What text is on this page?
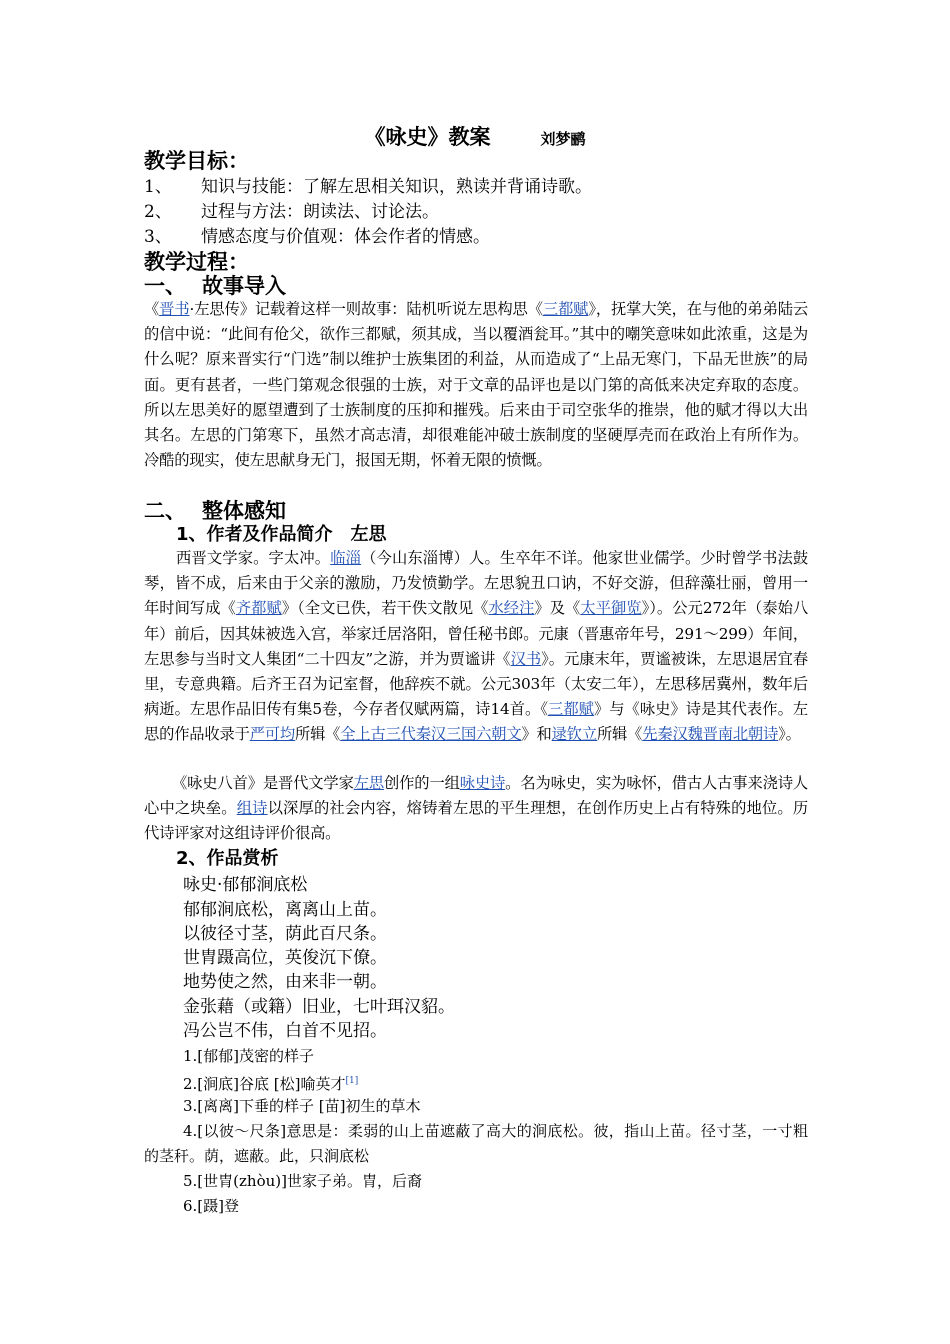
《咏史》教案	刘梦鹂
教学目标：
1、 知识与技能：了解左思相关知识，熟读并背诵诗歌。
2、 过程与方法：朗读法、讨论法。
3、 情感态度与价值观：体会作者的情感。
教学过程：
一、 故事导入
《晋书·左思传》记载着这样一则故事：陆机听说左思构思《三都赋》，抚掌大笑，在与他的弟弟陆云的信中说：“此间有伧父，欲作三都赋，须其成，当以覆酒瓮耳。”其中的嘲笑意味如此浓重，这是为什么呢？原来晋实行“门选”制以维护士族集团的利益，从而造成了“上品无寒门，下品无世族”的局面。更有甚者，一些门第观念很强的士族，对于文章的品评也是以门第的高低来决定弃取的态度。所以左思美好的愿望遭到了士族制度的压抑和摧残。后来由于司空张华的推崇，他的赋才得以大出其名。左思的门第寒下，虽然才高志清，却很难能冲破士族制度的坚硬厚壳而在政治上有所作为。冷酷的现实，使左思献身无门，报国无期，怀着无限的愤慨。
二、 整体感知
1、作者及作品简介　左思
西晋文学家。字太冲。临淄（今山东淄博）人。生卒年不详。他家世业儒学。少时曾学书法鼓琴，皆不成，后来由于父亲的激励，乃发愤勤学。左思貌丑口讷，不好交游，但辞藻壮丽，曾用一年时间写成《齐都赋》（全文已佚，若干佚文散见《水经注》及《太平御览》）。公元272年（泰始八年）前后，因其妹被选入宫，举家迁居洛阳，曾任秘书郎。元康（晋惠帝年号，291～299）年间，左思参与当时文人集团“二十四友”之游，并为贾谧讲《汉书》。元康末年，贾谧被诛，左思退居宜春里，专意典籍。后齐王召为记室督，他辞疾不就。公元303年（太安二年），左思移居冀州，数年后病逝。左思作品旧传有集5卷，今存者仅赋两篇，诗14首。《三都赋》与《咏史》诗是其代表作。左思的作品收录于严可均所辑《全上古三代秦汉三国六朝文》和逯钦立所辑《先秦汉魏晋南北朝诗》。
《咏史八首》是晋代文学家左思创作的一组咏史诗。名为咏史，实为咏怀，借古人古事来浇诗人心中之块垒。组诗以深厚的社会内容，熔铸着左思的平生理想，在创作历史上占有特殊的地位。历代诗评家对这组诗评价很高。
2、作品赏析
咏史·郁郁涧底松
郁郁涧底松，离离山上苗。
以彼径寸茎，荫此百尺条。
世胄蹑高位，英俊沉下僚。
地势使之然，由来非一朝。
金张藉（或籍）旧业，七叶珥汉貂。
冯公岂不伟，白首不见招。
1.[郁郁]茂密的样子
2.[涧底]谷底 [松]喻英才[1]
3.[离离]下垂的样子 [苗]初生的草木
4.[以彼～尺条]意思是：柔弱的山上苗遮蔽了高大的涧底松。彼，指山上苗。径寸茎，一寸粗的茎秆。荫，遮蔽。此，只涧底松
5.[世胄(zhòu)]世家子弟。胄，后裔
6.[蹑]登
